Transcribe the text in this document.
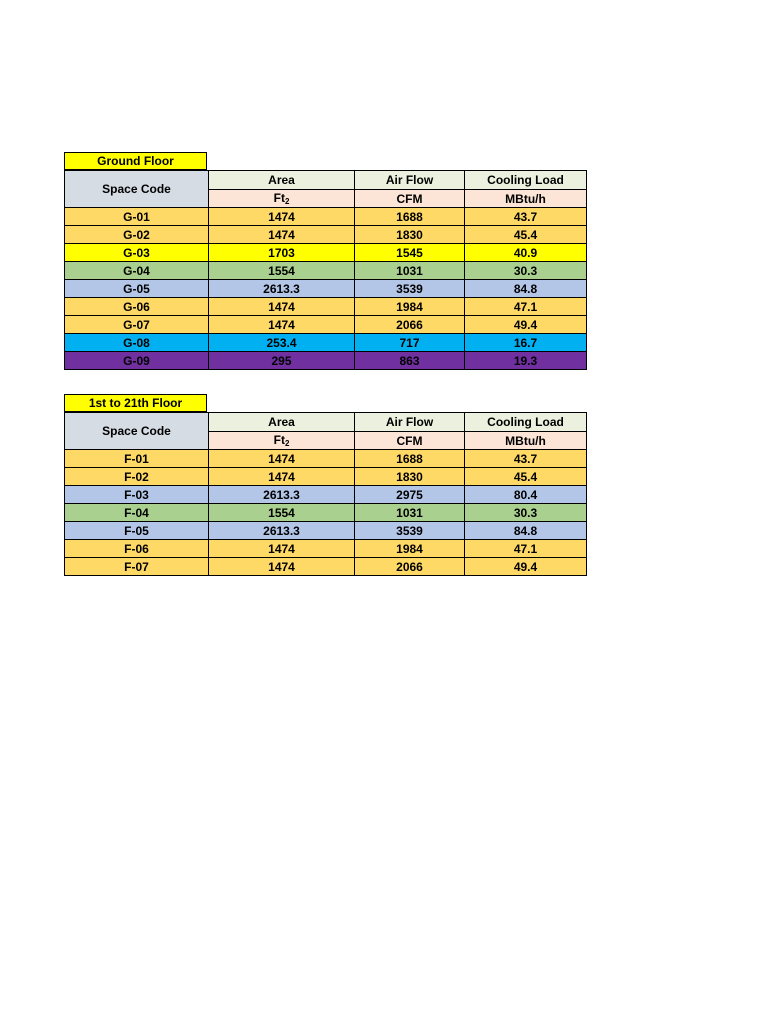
Ground Floor
Space Code	Area	Air Flow	Cooling Load
	$Ft_2$	CFM	MBtu/h
G-01	1474	1688	43.7
G-02	1474	1830	45.4
G-03	1703	1545	40.9
G-04	1554	1031	30.3
G-05	2613.3	3539	84.8
G-06	1474	1984	47.1
G-07	1474	2066	49.4
G-08	253.4	717	16.7
G-09	295	863	19.3
1st to 21th Floor
Space Code	Area	Air Flow	Cooling Load
	$Ft_2$	CFM	MBtu/h
F-01	1474	1688	43.7
F-02	1474	1830	45.4
F-03	2613.3	2975	80.4
F-04	1554	1031	30.3
F-05	2613.3	3539	84.8
F-06	1474	1984	47.1
F-07	1474	2066	49.4
